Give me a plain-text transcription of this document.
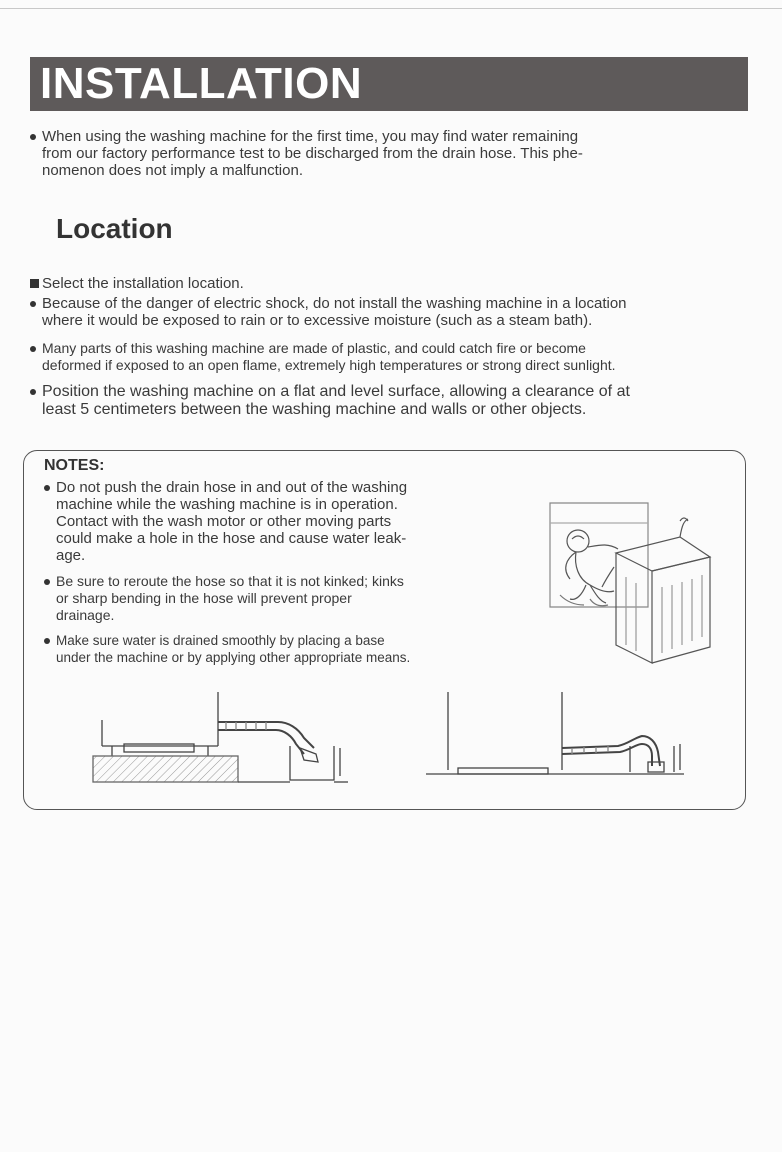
INSTALLATION
When using the washing machine for the first time, you may find water remaining
from our factory performance test to be discharged from the drain hose. This phe-
nomenon does not imply a malfunction.
Location
Select the installation location.
Because of the danger of electric shock, do not install the washing machine in a location
where it would be exposed to rain or to excessive moisture (such as a steam bath).
Many parts of this washing machine are made of plastic, and could catch fire or become
deformed if exposed to an open flame, extremely high temperatures or strong direct sunlight.
Position the washing machine on a flat and level surface, allowing a clearance of at
least 5 centimeters between the washing machine and walls or other objects.
NOTES:
Do not push the drain hose in and out of the washing
machine while the washing machine is in operation.
Contact with the wash motor or other moving parts
could make a hole in the hose and cause water leak-
age.
Be sure to reroute the hose so that it is not kinked; kinks
or sharp bending in the hose will prevent proper
drainage.
Make sure water is drained smoothly by placing a base
under the machine or by applying other appropriate means.
